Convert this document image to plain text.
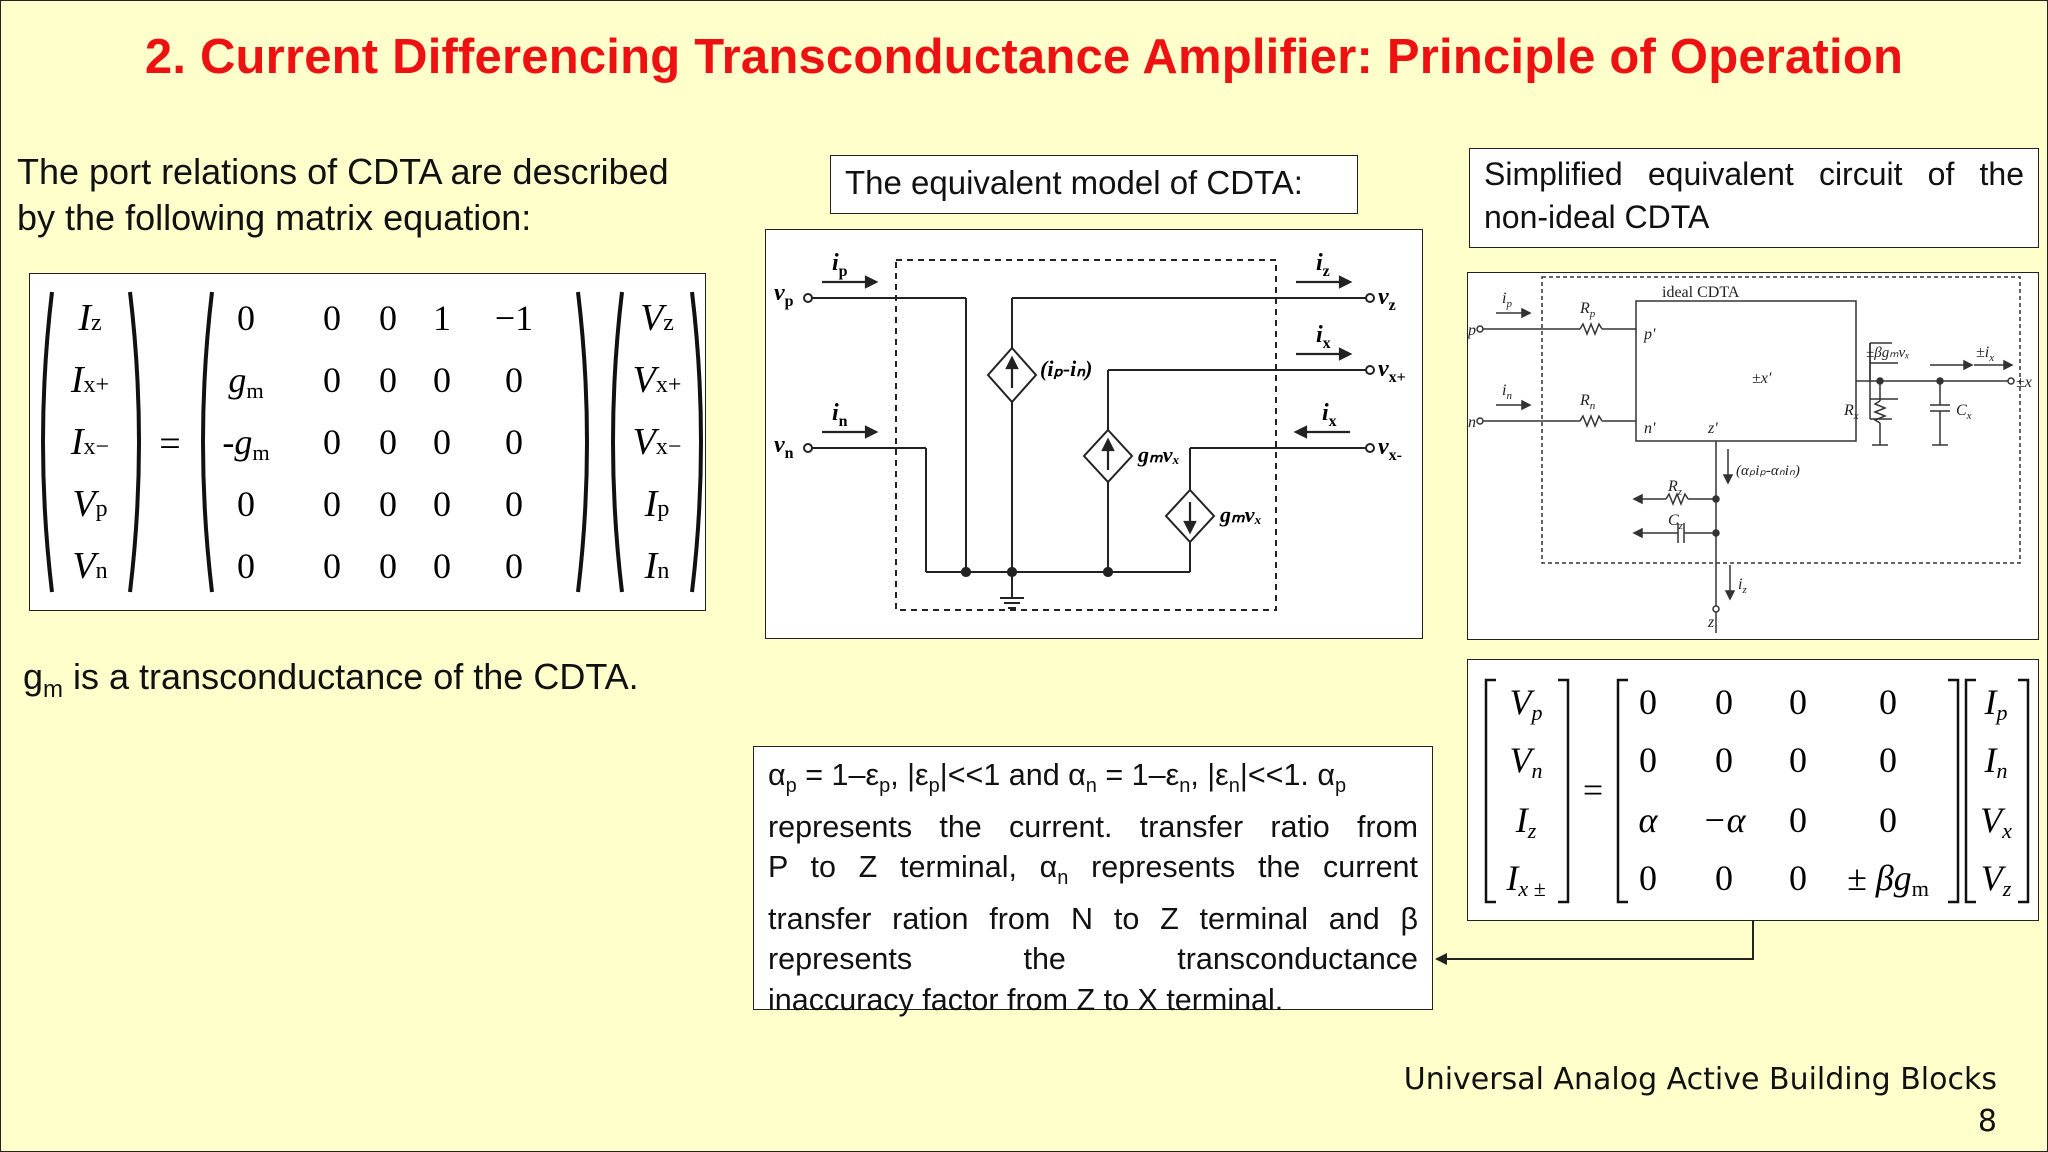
2. Current Differencing Transconductance Amplifier: Principle of Operation
The port relations of CDTA are described
by the following matrix equation:
Iz
Ix+
Ix−
Vp
Vn
=
0 0 0 1 −1
gm 0 0 0 0
-gm 0 0 0 0
0 0 0 0 0
0 0 0 0 0
Vz
Vx+
Vx−
Ip
In
$g_m$ is a transconductance of the CDTA.
The equivalent model of CDTA:
$v_p$
$v_n$
$i_p$
$i_n$
$i_z$
$i_x$
$i_x$
$v_z$
$v_{x+}$
$v_{x-}$
(iₚ-iₙ)
gₘvₓ
gₘvₓ
Simplified equivalent circuit of the non-ideal CDTA
p
n
p'
n'	z'
±x'	±x
z
ideal CDTA
$R_p$
$R_n$
$R_z$
$C_z$
$R_x$	$C_x$
$i_p$
$i_n$
$i_z$
$\pm i_x$
(αₚiₚ-αₙiₙ)
±βgₘvₓ
=
Vp
Vn
Iz
Ix ±
0 0 0 0
0 0 0 0
α −α 0 0
0 0 0 ± βgm
Ip
In
Vx
Vz
$\alpha_p = 1-\varepsilon_p$, $|\varepsilon_p|<<1$ and $\alpha_n = 1-\varepsilon_n$, $|\varepsilon_n|<<1$. $\alpha_p$
represents the current. transfer ratio from
P to Z terminal, $\alpha_n$ represents the current
transfer ration from N to Z terminal and β
represents the transconductance
inaccuracy factor from Z to X terminal.
Universal Analog Active Building Blocks
8
